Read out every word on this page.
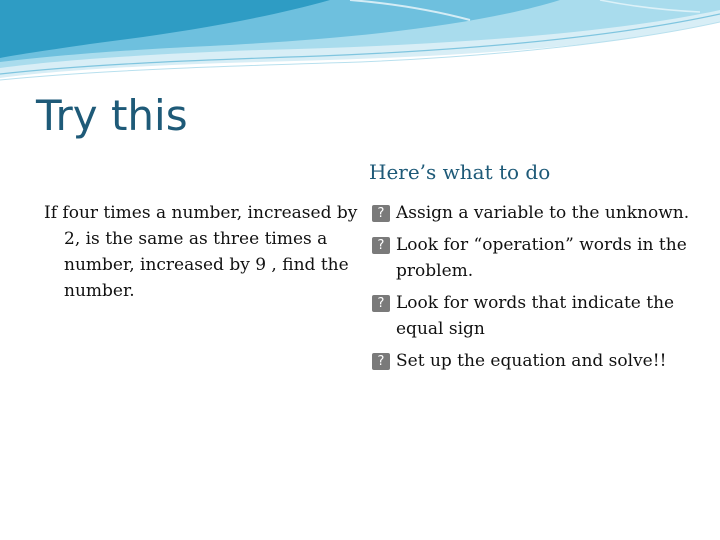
Try this
Here’s what to do

If four times a number, increased by 2, is the same as three times a number, increased by 9 , find the number.

? Assign a variable to the unknown.
? Look for “operation” words in the problem.
? Look for words that indicate the equal sign
? Set up the equation and solve!!
